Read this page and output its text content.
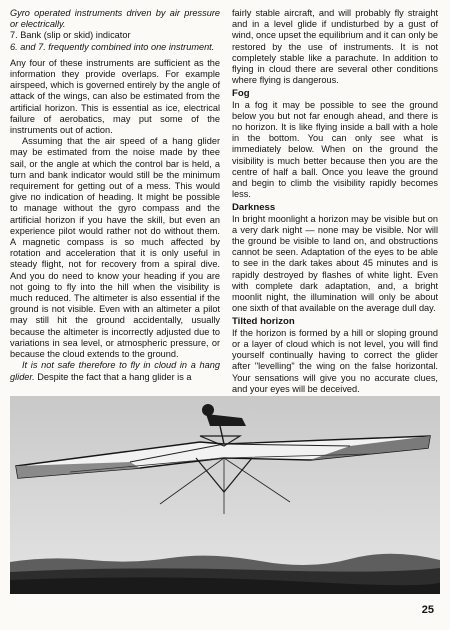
Gyro operated instruments driven by air pressure or electrically.

7. Bank (slip or skid) indicator

6. and 7. frequently combined into one instrument.

Any four of these instruments are sufficient as the information they provide overlaps. For example airspeed, which is governed entirely by the angle of attack of the wings, can also be estimated from the artificial horizon. This is essential as ice, electrical failure of aerobatics, may put some of the instruments out of action.

Assuming that the air speed of a hang glider may be estimated from the noise made by thee sail, or the angle at which the control bar is held, a turn and bank indicator would still be the minimum requirement for getting out of a mess. This would give no indication of heading. It might be possible to manage without the gyro compass and the artificial horizon if you have the skill, but even an experience pilot would rather not do without them. A magnetic compass is so much affected by rotation and acceleration that it is only useful in steady flight, not for recovery from a spiral dive. And you do need to know your heading if you are not going to fly into the hill when the visibility is much reduced. The altimeter is also essential if the ground is not visible. Even with an altimeter a pilot may still hit the ground accidentally, usually because the altimeter is incorrectly adjusted due to variations in sea level, or atmospheric pressure, or because the cloud extends to the ground.

It is not safe therefore to fly in cloud in a hang glider. Despite the fact that a hang glider is a

fairly stable aircraft, and will probably fly straight and in a level glide if undisturbed by a gust of wind, once upset the equilibrium and it can only be restored by the use of instruments. It is not completely stable like a parachute. In addition to flying in cloud there are several other conditions where flying is dangerous.

Fog

In a fog it may be possible to see the ground below you but not far enough ahead, and there is no horizon. It is like flying inside a ball with a hole in the bottom. You can only see what is immediately below. When on the ground the visibility is much better because then you are the centre of half a ball. Once you leave the ground and begin to climb the visibility rapidly becomes less.

Darkness

In bright moonlight a horizon may be visible but on a very dark night — none may be visible. Nor will the ground be visible to land on, and obstructions cannot be seen. Adaptation of the eyes to be able to see in the dark takes about 45 minutes and is rapidly destroyed by flashes of white light. Even with complete dark adaptation, and, a bright moonlit night, the illumination will only be about one sixth of that available on the average dull day.

Tilted horizon

If the horizon is formed by a hill or sloping ground or a layer of cloud which is not level, you will find yourself continually having to correct the glider after "levelling" the wing on the false horizontal. Your sensations will give you no accurate clues, and your eyes will be deceived.

25
